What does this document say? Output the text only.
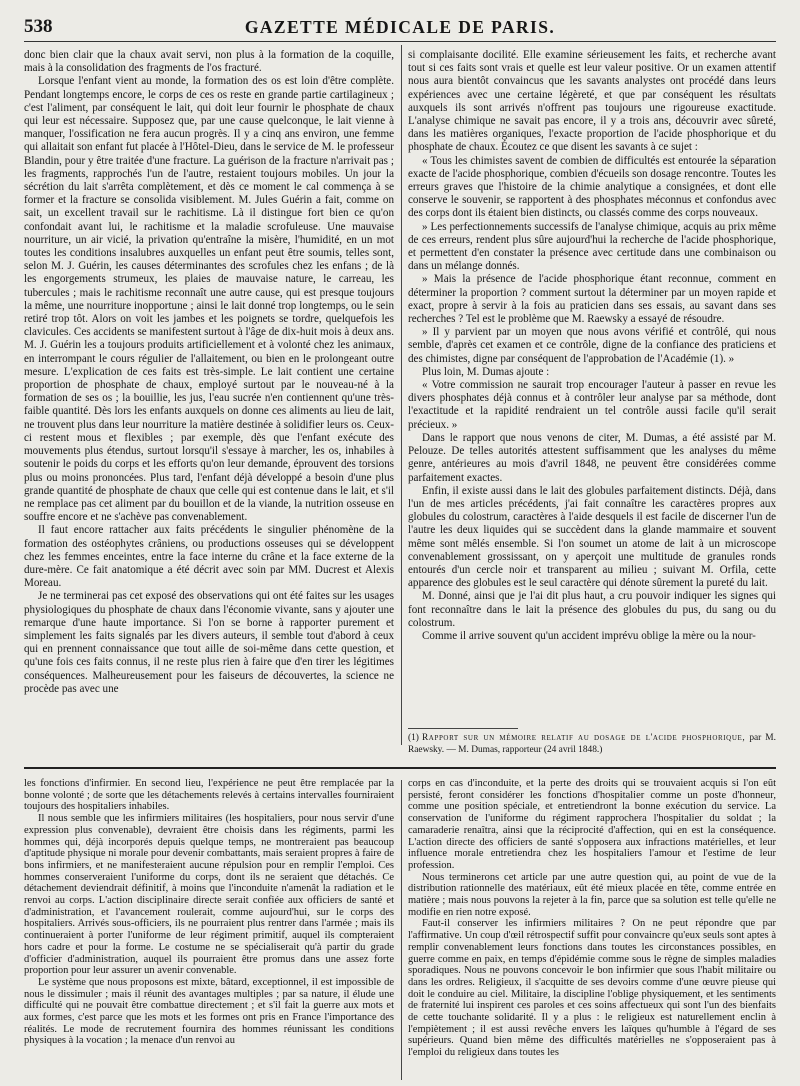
538	GAZETTE MÉDICALE DE PARIS.

donc bien clair que la chaux avait servi, non plus à la formation de la coquille, mais à la consolidation des fragments de l'os fracturé.

Lorsque l'enfant vient au monde, la formation des os est loin d'être complète. Pendant longtemps encore, le corps de ces os reste en grande partie cartilagineux ; c'est l'aliment, par conséquent le lait, qui doit leur fournir le phosphate de chaux qui leur est nécessaire. Supposez que, par une cause quelconque, le lait vienne à manquer, l'ossification ne fera aucun progrès. Il y a cinq ans environ, une femme qui allaitait son enfant fut placée à l'Hôtel-Dieu, dans le service de M. le professeur Blandin, pour y être traitée d'une fracture. La guérison de la fracture n'arrivait pas ; les fragments, rapprochés l'un de l'autre, restaient toujours mobiles. Un jour la sécrétion du lait s'arrêta complètement, et dès ce moment le cal commença à se former et la fracture se consolida visiblement. M. Jules Guérin a fait, comme on sait, un excellent travail sur le rachitisme. Là il distingue fort bien ce qu'on confondait avant lui, le rachitisme et la maladie scrofuleuse. Une mauvaise nourriture, un air vicié, la privation qu'entraîne la misère, l'humidité, en un mot toutes les conditions insalubres auxquelles un enfant peut être soumis, telles sont, selon M. J. Guérin, les causes déterminantes des scrofules chez les enfans ; de là les engorgements strumeux, les plaies de mauvaise nature, le carreau, les tubercules ; mais le rachitisme reconnaît une autre cause, qui est presque toujours la même, une nourriture inopportune ; ainsi le lait donné trop longtemps, ou le sein retiré trop tôt. Alors on voit les jambes et les poignets se tordre, quelquefois les clavicules. Ces accidents se manifestent surtout à l'âge de dix-huit mois à deux ans. M. J. Guérin les a toujours produits artificiellement et à volonté chez les animaux, en interrompant le cours régulier de l'allaitement, ou bien en le prolongeant outre mesure. L'explication de ces faits est très-simple. Le lait contient une certaine proportion de phosphate de chaux, employé surtout par le nouveau-né à la formation de ses os ; la bouillie, les jus, l'eau sucrée n'en contiennent qu'une très-faible quantité. Dès lors les enfants auxquels on donne ces aliments au lieu de lait, ne trouvent plus dans leur nourriture la matière destinée à solidifier leurs os. Ceux-ci restent mous et flexibles ; par exemple, dès que l'enfant exécute des mouvements plus étendus, surtout lorsqu'il s'essaye à marcher, les os, inhabiles à soutenir le poids du corps et les efforts qu'on leur demande, éprouvent des torsions plus ou moins prononcées. Plus tard, l'enfant déjà développé a besoin d'une plus grande quantité de phosphate de chaux que celle qui est contenue dans le lait, et s'il ne remplace pas cet aliment par du bouillon et de la viande, la nutrition osseuse en souffre encore et ne s'achève pas convenablement.

Il faut encore rattacher aux faits précédents le singulier phénomène de la formation des ostéophytes crâniens, ou productions osseuses qui se développent chez les femmes enceintes, entre la face interne du crâne et la face externe de la dure-mère. Ce fait anatomique a été décrit avec soin par MM. Ducrest et Alexis Moreau.

Je ne terminerai pas cet exposé des observations qui ont été faites sur les usages physiologiques du phosphate de chaux dans l'économie vivante, sans y ajouter une remarque d'une haute importance. Si l'on se borne à rapporter purement et simplement les faits signalés par les divers auteurs, il semble tout d'abord à ceux qui en prennent connaissance que tout aille de soi-même dans cette question, et qu'une fois ces faits connus, il ne reste plus rien à faire que d'en tirer les légitimes conséquences. Malheureusement pour les faiseurs de découvertes, la science ne procède pas avec une

si complaisante docilité. Elle examine sérieusement les faits, et recherche avant tout si ces faits sont vrais et quelle est leur valeur positive. Or un examen attentif nous aura bientôt convaincus que les savants analystes ont procédé dans leurs expériences avec une certaine légèreté, et que par conséquent les résultats auxquels ils sont arrivés n'offrent pas toujours une rigoureuse exactitude. L'analyse chimique ne savait pas encore, il y a trois ans, découvrir avec sûreté, dans les matières organiques, l'exacte proportion de l'acide phosphorique et du phosphate de chaux. Écoutez ce que disent les savants à ce sujet :

« Tous les chimistes savent de combien de difficultés est entourée la séparation exacte de l'acide phosphorique, combien d'écueils son dosage rencontre. Toutes les erreurs graves que l'histoire de la chimie analytique a consignées, et dont elle conserve le souvenir, se rapportent à des phosphates méconnus et confondus avec des corps dont ils étaient bien distincts, ou classés comme des corps nouveaux.

» Les perfectionnements successifs de l'analyse chimique, acquis au prix même de ces erreurs, rendent plus sûre aujourd'hui la recherche de l'acide phosphorique, et permettent d'en constater la présence avec certitude dans une combinaison ou dans un mélange donnés.

» Mais la présence de l'acide phosphorique étant reconnue, comment en déterminer la proportion ? comment surtout la déterminer par un moyen rapide et exact, propre à servir à la fois au praticien dans ses essais, au savant dans ses recherches ? Tel est le problème que M. Raewsky a essayé de résoudre.

» Il y parvient par un moyen que nous avons vérifié et contrôlé, qui nous semble, d'après cet examen et ce contrôle, digne de la confiance des praticiens et des chimistes, digne par conséquent de l'approbation de l'Académie (1). »

Plus loin, M. Dumas ajoute :

« Votre commission ne saurait trop encourager l'auteur à passer en revue les divers phosphates déjà connus et à contrôler leur analyse par sa méthode, dont l'exactitude et la rapidité rendraient un tel contrôle aussi facile qu'il serait précieux. »

Dans le rapport que nous venons de citer, M. Dumas, a été assisté par M. Pelouze. De telles autorités attestent suffisamment que les analyses du même genre, antérieures au mois d'avril 1848, ne peuvent être considérées comme parfaitement exactes.

Enfin, il existe aussi dans le lait des globules parfaitement distincts. Déjà, dans l'un de mes articles précédents, j'ai fait connaître les caractères propres aux globules du colostrum, caractères à l'aide desquels il est facile de discerner l'un de l'autre les deux liquides qui se succèdent dans la glande mammaire et souvent même sont mêlés ensemble. Si l'on soumet un atome de lait à un microscope convenablement grossissant, on y aperçoit une multitude de granules ronds entourés d'un cercle noir et transparent au milieu ; suivant M. Orfila, cette apparence des globules est le seul caractère qui dénote sûrement la pureté du lait.

M. Donné, ainsi que je l'ai dit plus haut, a cru pouvoir indiquer les signes qui font reconnaître dans le lait la présence des globules du pus, du sang ou du colostrum.

Comme il arrive souvent qu'un accident imprévu oblige la mère ou la nour-

(1) Rapport sur un mémoire relatif au dosage de l'acide phosphorique, par M. Raewsky. — M. Dumas, rapporteur (24 avril 1848.)

les fonctions d'infirmier. En second lieu, l'expérience ne peut être remplacée par la bonne volonté ; de sorte que les détachements relevés à certains intervalles fourniraient toujours des hospitaliers inhabiles.

Il nous semble que les infirmiers militaires (les hospitaliers, pour nous servir d'une expression plus convenable), devraient être choisis dans les régiments, parmi les hommes qui, déjà incorporés depuis quelque temps, ne montreraient pas beaucoup d'aptitude physique ni morale pour devenir combattants, mais seraient propres à faire de bons infirmiers, et ne manifesteraient aucune répulsion pour en remplir l'emploi. Ces hommes conserveraient l'uniforme du corps, dont ils ne seraient que détachés. Ce détachement deviendrait définitif, à moins que l'inconduite n'amenât la radiation et le renvoi au corps. L'action disciplinaire directe serait confiée aux officiers de santé et d'administration, et l'avancement roulerait, comme aujourd'hui, sur le corps des hospitaliers. Arrivés sous-officiers, ils ne pourraient plus rentrer dans l'armée ; mais ils continueraient à porter l'uniforme de leur régiment primitif, auquel ils compteraient hors cadre et pour la forme. Le costume ne se spécialiserait qu'à partir du grade d'officier d'administration, auquel ils pourraient être promus dans une assez forte proportion pour leur assurer un avenir convenable.

Le système que nous proposons est mixte, bâtard, exceptionnel, il est impossible de nous le dissimuler ; mais il réunit des avantages multiples ; par sa nature, il élude une difficulté qui ne pouvait être combattue directement ; et s'il fait la guerre aux mots et aux formes, c'est parce que les mots et les formes ont pris en France l'importance des réalités. Le mode de recrutement fournira des hommes réunissant les conditions physiques à la vocation ; la menace d'un renvoi au

corps en cas d'inconduite, et la perte des droits qui se trouvaient acquis si l'on eût persisté, feront considérer les fonctions d'hospitalier comme un poste d'honneur, comme une position spéciale, et entretiendront la bonne exécution du service. La conservation de l'uniforme du régiment rapprochera l'hospitalier du soldat ; la camaraderie renaîtra, ainsi que la réciprocité d'affection, qui en est la conséquence. L'action directe des officiers de santé s'opposera aux infractions matérielles, et leur influence morale entretiendra chez les hospitaliers l'amour et l'estime de leur profession.

Nous terminerons cet article par une autre question qui, au point de vue de la distribution rationnelle des matériaux, eût été mieux placée en tête, comme entrée en matière ; mais nous pouvons la rejeter à la fin, parce que sa solution est telle qu'elle ne modifie en rien notre exposé.

Faut-il conserver les infirmiers militaires ? On ne peut répondre que par l'affirmative. Un coup d'œil rétrospectif suffit pour convaincre qu'eux seuls sont aptes à remplir convenablement leurs fonctions dans toutes les circonstances possibles, en guerre comme en paix, en temps d'épidémie comme sous le règne de simples maladies sporadiques. Nous ne pouvons concevoir le bon infirmier que sous l'habit militaire ou dans les ordres. Religieux, il s'acquitte de ses devoirs comme d'une œuvre pieuse qui doit le conduire au ciel. Militaire, la discipline l'oblige physiquement, et les sentiments de fraternité lui inspirent ces paroles et ces soins affectueux qui sont l'un des bienfaits de cette touchante solidarité. Il y a plus : le religieux est naturellement enclin à l'empiètement ; il est aussi revêche envers les laïques qu'humble à l'égard de ses supérieurs. Quand bien même des difficultés matérielles ne s'opposeraient pas à l'emploi du religieux dans toutes les
